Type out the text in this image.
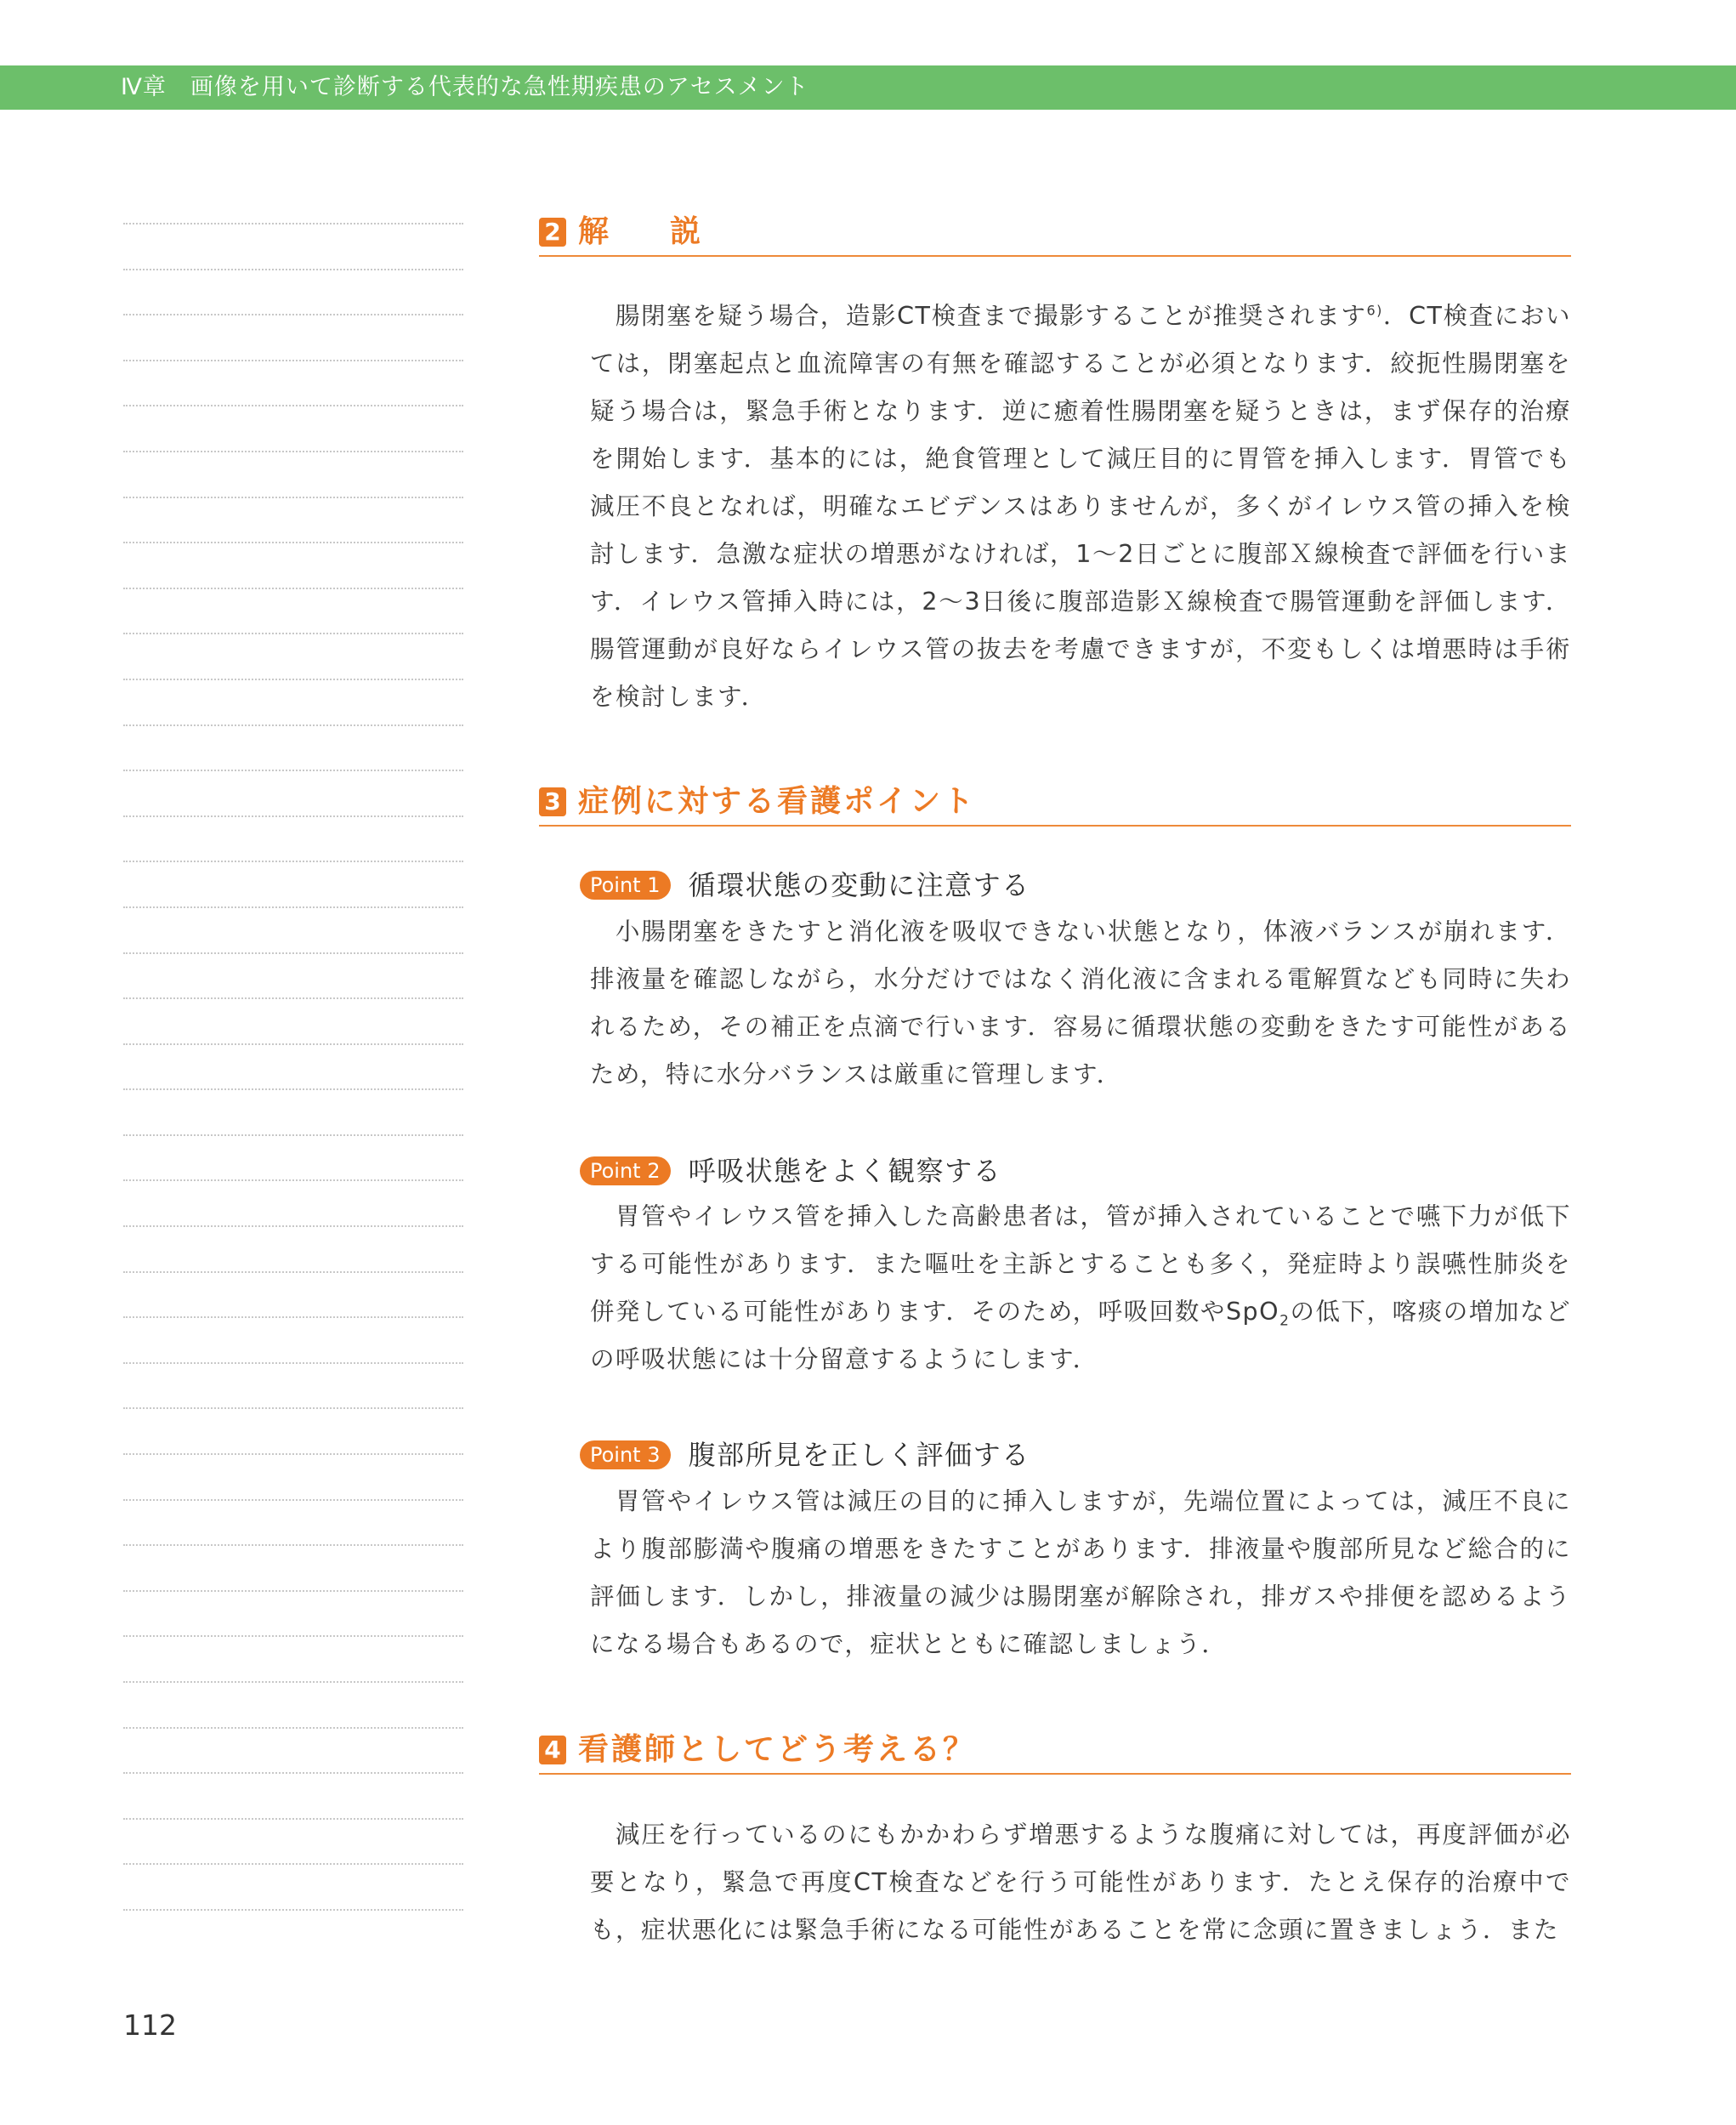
Ⅳ章　画像を用いて診断する代表的な急性期疾患のアセスメント
2 解　説

腸閉塞を疑う場合，造影CT検査まで撮影することが推奨されます$^{6)}$．CT検査においては，閉塞起点と血流障害の有無を確認することが必須となります．絞扼性腸閉塞を疑う場合は，緊急手術となります．逆に癒着性腸閉塞を疑うときは，まず保存的治療を開始します．基本的には，絶食管理として減圧目的に胃管を挿入します．胃管でも減圧不良となれば，明確なエビデンスはありませんが，多くがイレウス管の挿入を検討します．急激な症状の増悪がなければ，1〜2日ごとに腹部Ｘ線検査で評価を行います．イレウス管挿入時には，2〜3日後に腹部造影Ｘ線検査で腸管運動を評価します．腸管運動が良好ならイレウス管の抜去を考慮できますが，不変もしくは増悪時は手術を検討します．

3 症例に対する看護ポイント
Point 1 循環状態の変動に注意する

小腸閉塞をきたすと消化液を吸収できない状態となり，体液バランスが崩れます．排液量を確認しながら，水分だけではなく消化液に含まれる電解質なども同時に失われるため，その補正を点滴で行います．容易に循環状態の変動をきたす可能性があるため，特に水分バランスは厳重に管理します．

Point 2 呼吸状態をよく観察する

胃管やイレウス管を挿入した高齢患者は，管が挿入されていることで嚥下力が低下する可能性があります．また嘔吐を主訴とすることも多く，発症時より誤嚥性肺炎を併発している可能性があります．そのため，呼吸回数やSpO$_2$の低下，喀痰の増加などの呼吸状態には十分留意するようにします．

Point 3 腹部所見を正しく評価する

胃管やイレウス管は減圧の目的に挿入しますが，先端位置によっては，減圧不良により腹部膨満や腹痛の増悪をきたすことがあります．排液量や腹部所見など総合的に評価します．しかし，排液量の減少は腸閉塞が解除され，排ガスや排便を認めるようになる場合もあるので，症状とともに確認しましょう．

4 看護師としてどう考える？

減圧を行っているのにもかかわらず増悪するような腹痛に対しては，再度評価が必要となり，緊急で再度CT検査などを行う可能性があります．たとえ保存的治療中でも，症状悪化には緊急手術になる可能性があることを常に念頭に置きましょう．また

112
